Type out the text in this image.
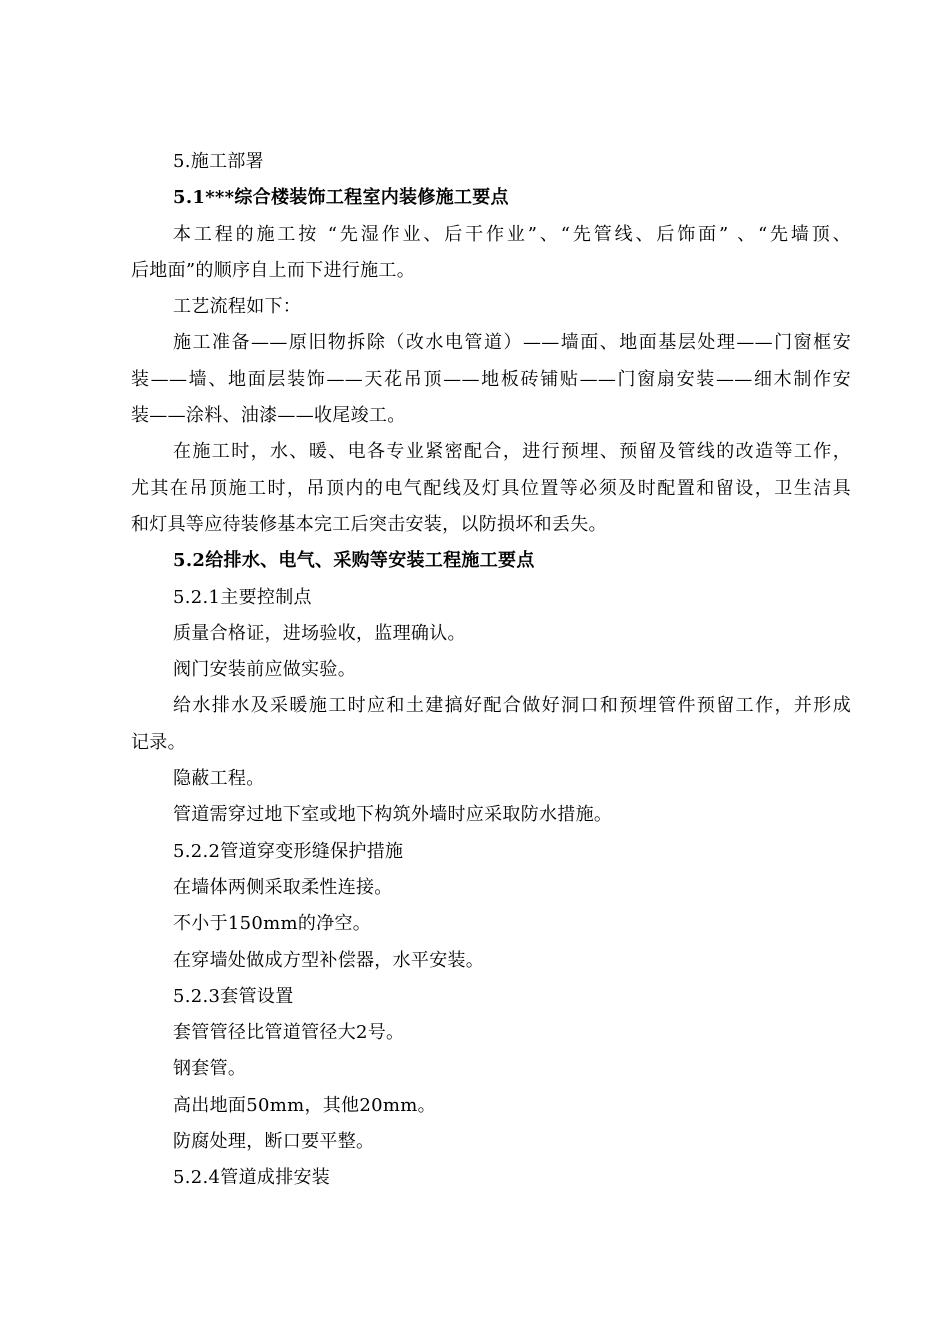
5.施工部署
5.1***综合楼装饰工程室内装修施工要点
本工程的施工按 “先湿作业、后干作业”、“先管线、后饰面” 、“先墙顶、
后地面”的顺序自上而下进行施工。
工艺流程如下：
施工准备——原旧物拆除（改水电管道）——墙面、地面基层处理——门窗框安
装——墙、地面层装饰——天花吊顶——地板砖铺贴——门窗扇安装——细木制作安
装——涂料、油漆——收尾竣工。
在施工时，水、暖、电各专业紧密配合，进行预埋、预留及管线的改造等工作，
尤其在吊顶施工时，吊顶内的电气配线及灯具位置等必须及时配置和留设，卫生洁具
和灯具等应待装修基本完工后突击安装，以防损坏和丢失。
5.2给排水、电气、采购等安装工程施工要点
5.2.1主要控制点
质量合格证，进场验收，监理确认。
阀门安装前应做实验。
给水排水及采暖施工时应和土建搞好配合做好洞口和预埋管件预留工作，并形成
记录。
隐蔽工程。
管道需穿过地下室或地下构筑外墙时应采取防水措施。
5.2.2管道穿变形缝保护措施
在墙体两侧采取柔性连接。
不小于150mm的净空。
在穿墙处做成方型补偿器，水平安装。
5.2.3套管设置
套管管径比管道管径大2号。
钢套管。
高出地面50mm，其他20mm。
防腐处理，断口要平整。
5.2.4管道成排安装
